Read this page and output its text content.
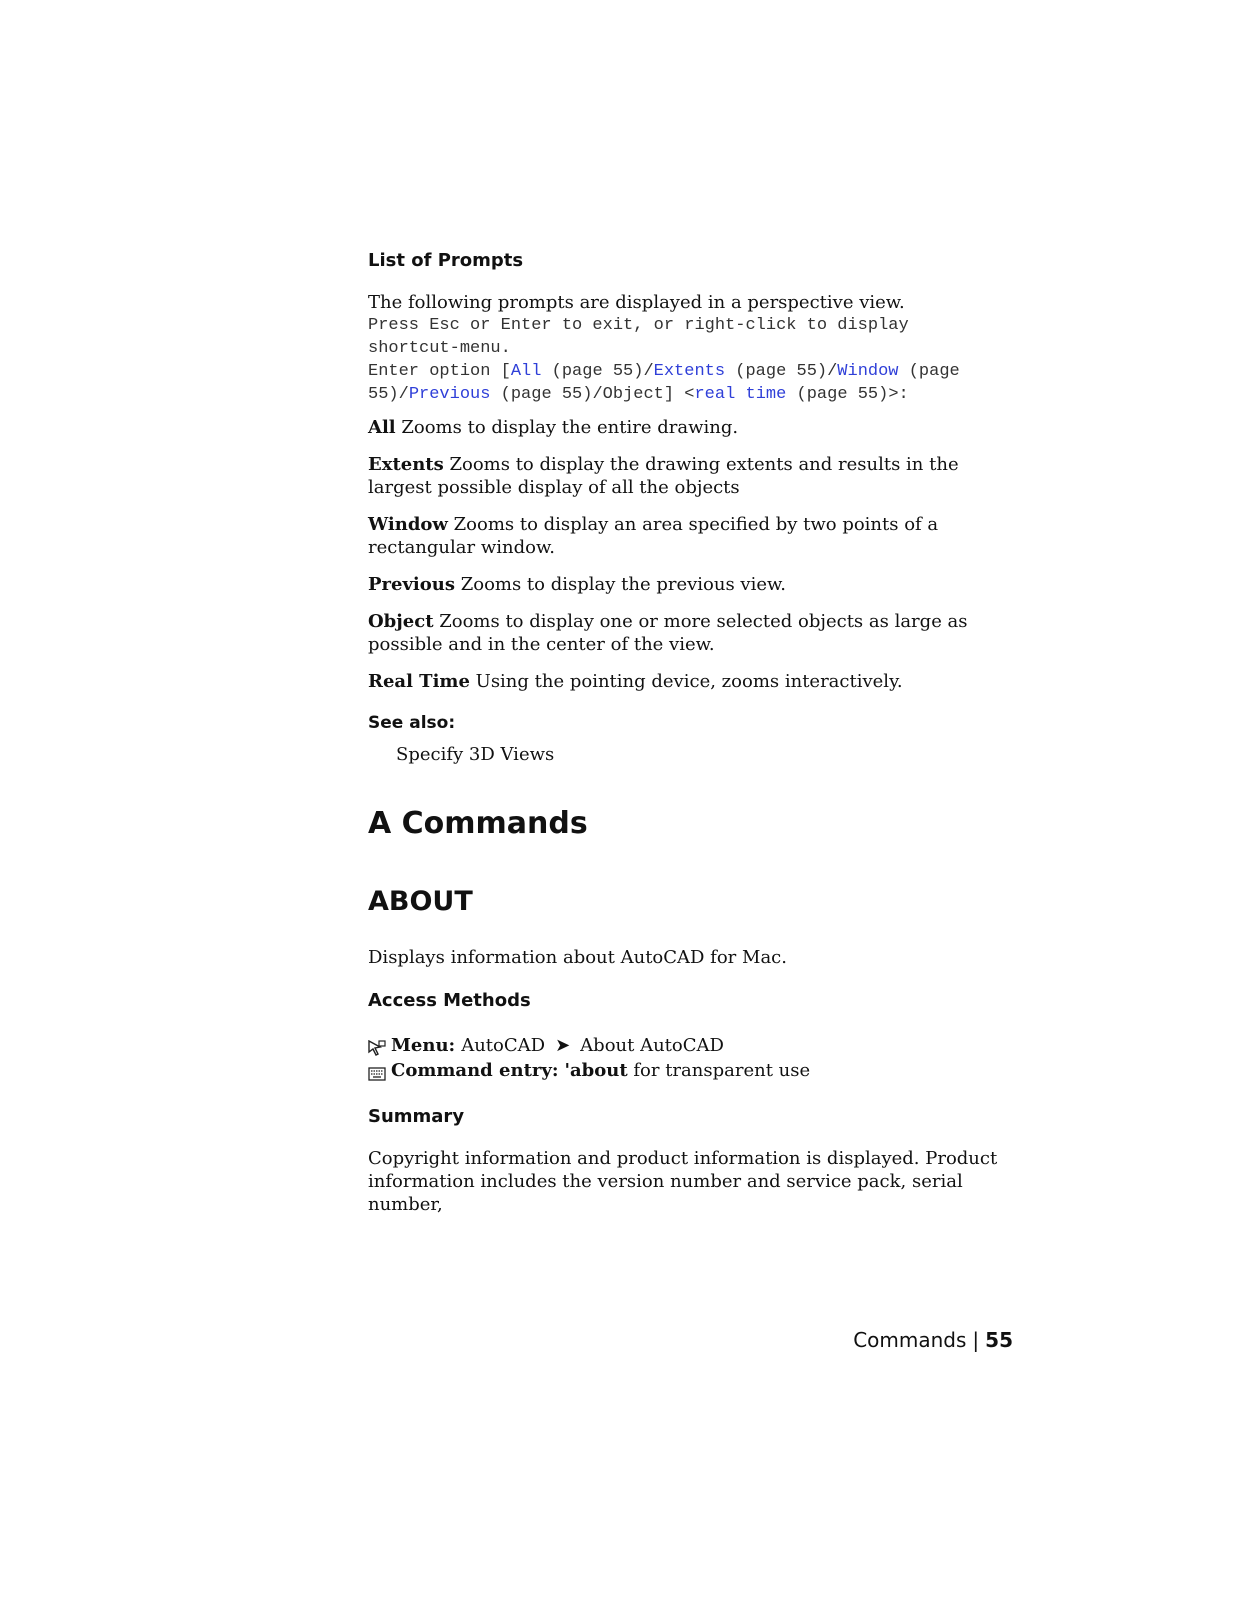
List of Prompts

The following prompts are displayed in a perspective view.

Press Esc or Enter to exit, or right-click to display

shortcut-menu.

Enter option [All (page 55)/Extents (page 55)/Window (page

55)/Previous (page 55)/Object] <real time (page 55)>:

All Zooms to display the entire drawing.

Extents Zooms to display the drawing extents and results in the largest possible display of all the objects

Window Zooms to display an area specified by two points of a rectangular window.

Previous Zooms to display the previous view.

Object Zooms to display one or more selected objects as large as possible and in the center of the view.

Real Time Using the pointing device, zooms interactively.

See also:

Specify 3D Views

A Commands

ABOUT

Displays information about AutoCAD for Mac.

Access Methods

Menu: AutoCAD ➤ About AutoCAD

Command entry: 'about for transparent use

Summary

Copyright information and product information is displayed. Product information includes the version number and service pack, serial number,

Commands | 55
